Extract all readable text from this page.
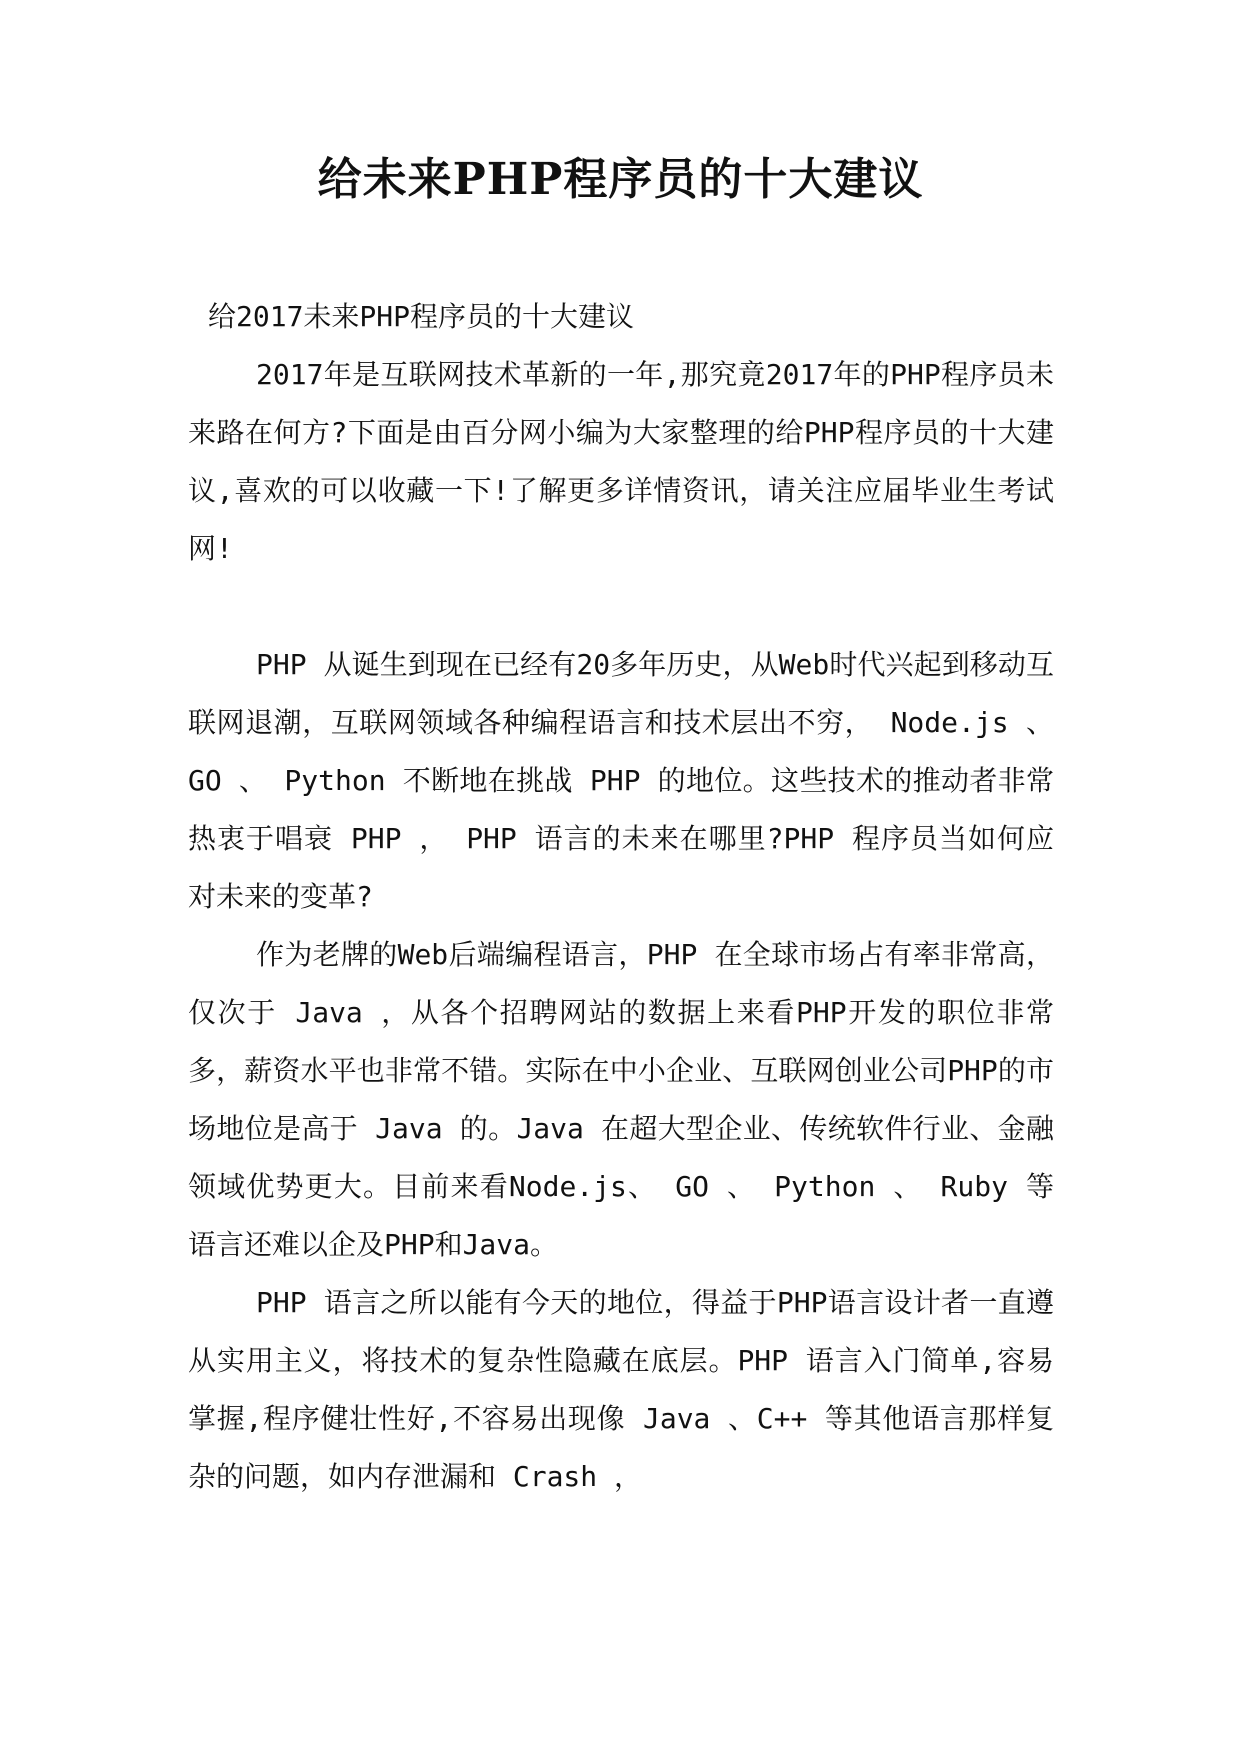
给未来PHP程序员的十大建议

给2017未来PHP程序员的十大建议

2017年是互联网技术革新的一年,那究竟2017年的PHP程序员未来路在何方?下面是由百分网小编为大家整理的给PHP程序员的十大建议,喜欢的可以收藏一下!了解更多详情资讯，请关注应届毕业生考试网!

PHP 从诞生到现在已经有20多年历史，从Web时代兴起到移动互联网退潮，互联网领域各种编程语言和技术层出不穷， Node.js 、 GO 、 Python 不断地在挑战 PHP 的地位。这些技术的推动者非常热衷于唱衰 PHP ， PHP 语言的未来在哪里?PHP 程序员当如何应对未来的变革?

作为老牌的Web后端编程语言，PHP 在全球市场占有率非常高，仅次于 Java ，从各个招聘网站的数据上来看PHP开发的职位非常多，薪资水平也非常不错。实际在中小企业、互联网创业公司PHP的市场地位是高于 Java 的。Java 在超大型企业、传统软件行业、金融领域优势更大。目前来看Node.js、 GO 、 Python 、 Ruby 等语言还难以企及PHP和Java。

PHP 语言之所以能有今天的地位，得益于PHP语言设计者一直遵从实用主义，将技术的复杂性隐藏在底层。PHP 语言入门简单,容易掌握,程序健壮性好,不容易出现像 Java 、C++ 等其他语言那样复杂的问题，如内存泄漏和 Crash ，
